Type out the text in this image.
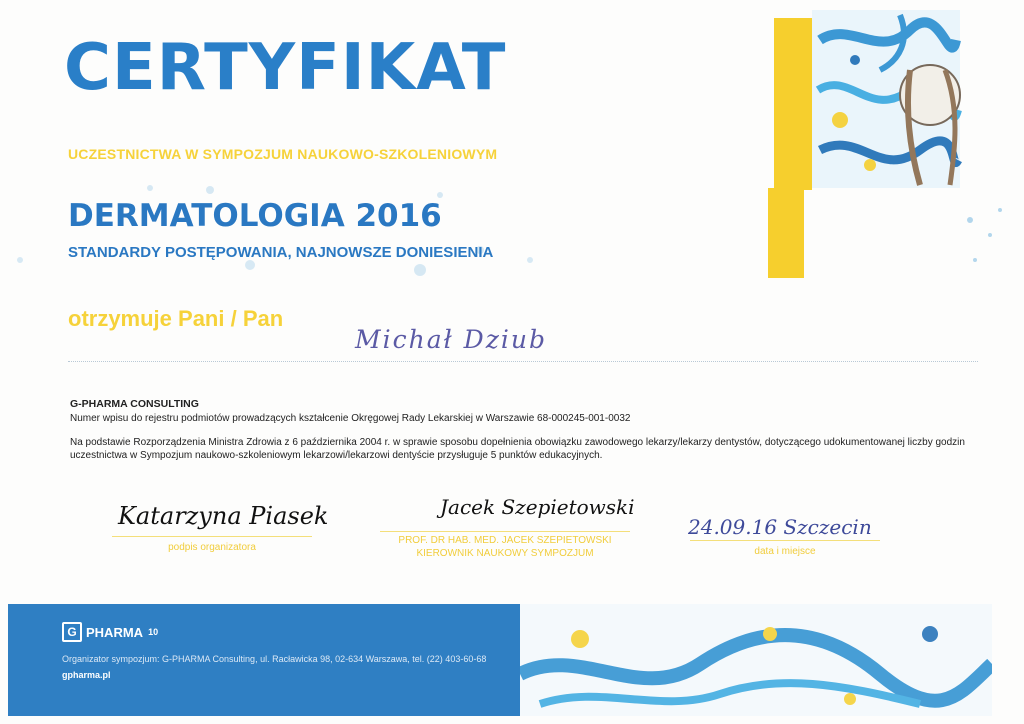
CERTYFIKAT
UCZESTNICTWA W SYMPOZJUM NAUKOWO-SZKOLENIOWYM
DERMATOLOGIA 2016
STANDARDY POSTĘPOWANIA, NAJNOWSZE DONIESIENIA
otrzymuje Pani / Pan
Michał Dziub
G-PHARMA CONSULTING
Numer wpisu do rejestru podmiotów prowadzących kształcenie Okręgowej Rady Lekarskiej w Warszawie 68-000245-001-0032
Na podstawie Rozporządzenia Ministra Zdrowia z 6 października 2004 r. w sprawie sposobu dopełnienia obowiązku zawodowego lekarzy/lekarzy dentystów, dotyczącego udokumentowanej liczby godzin uczestnictwa w Sympozjum naukowo-szkoleniowym lekarzowi/lekarzowi dentyście przysługuje 5 punktów edukacyjnych.
Katarzyna Piasek
podpis organizatora
Jacek Szepietowski
PROF. DR HAB. MED. JACEK SZEPIETOWSKI
KIEROWNIK NAUKOWY SYMPOZJUM
24.09.16 Szczecin
data i miejsce
G PHARMA 10
Organizator sympozjum: G-PHARMA Consulting, ul. Racławicka 98, 02-634 Warszawa, tel. (22) 403-60-68
gpharma.pl
